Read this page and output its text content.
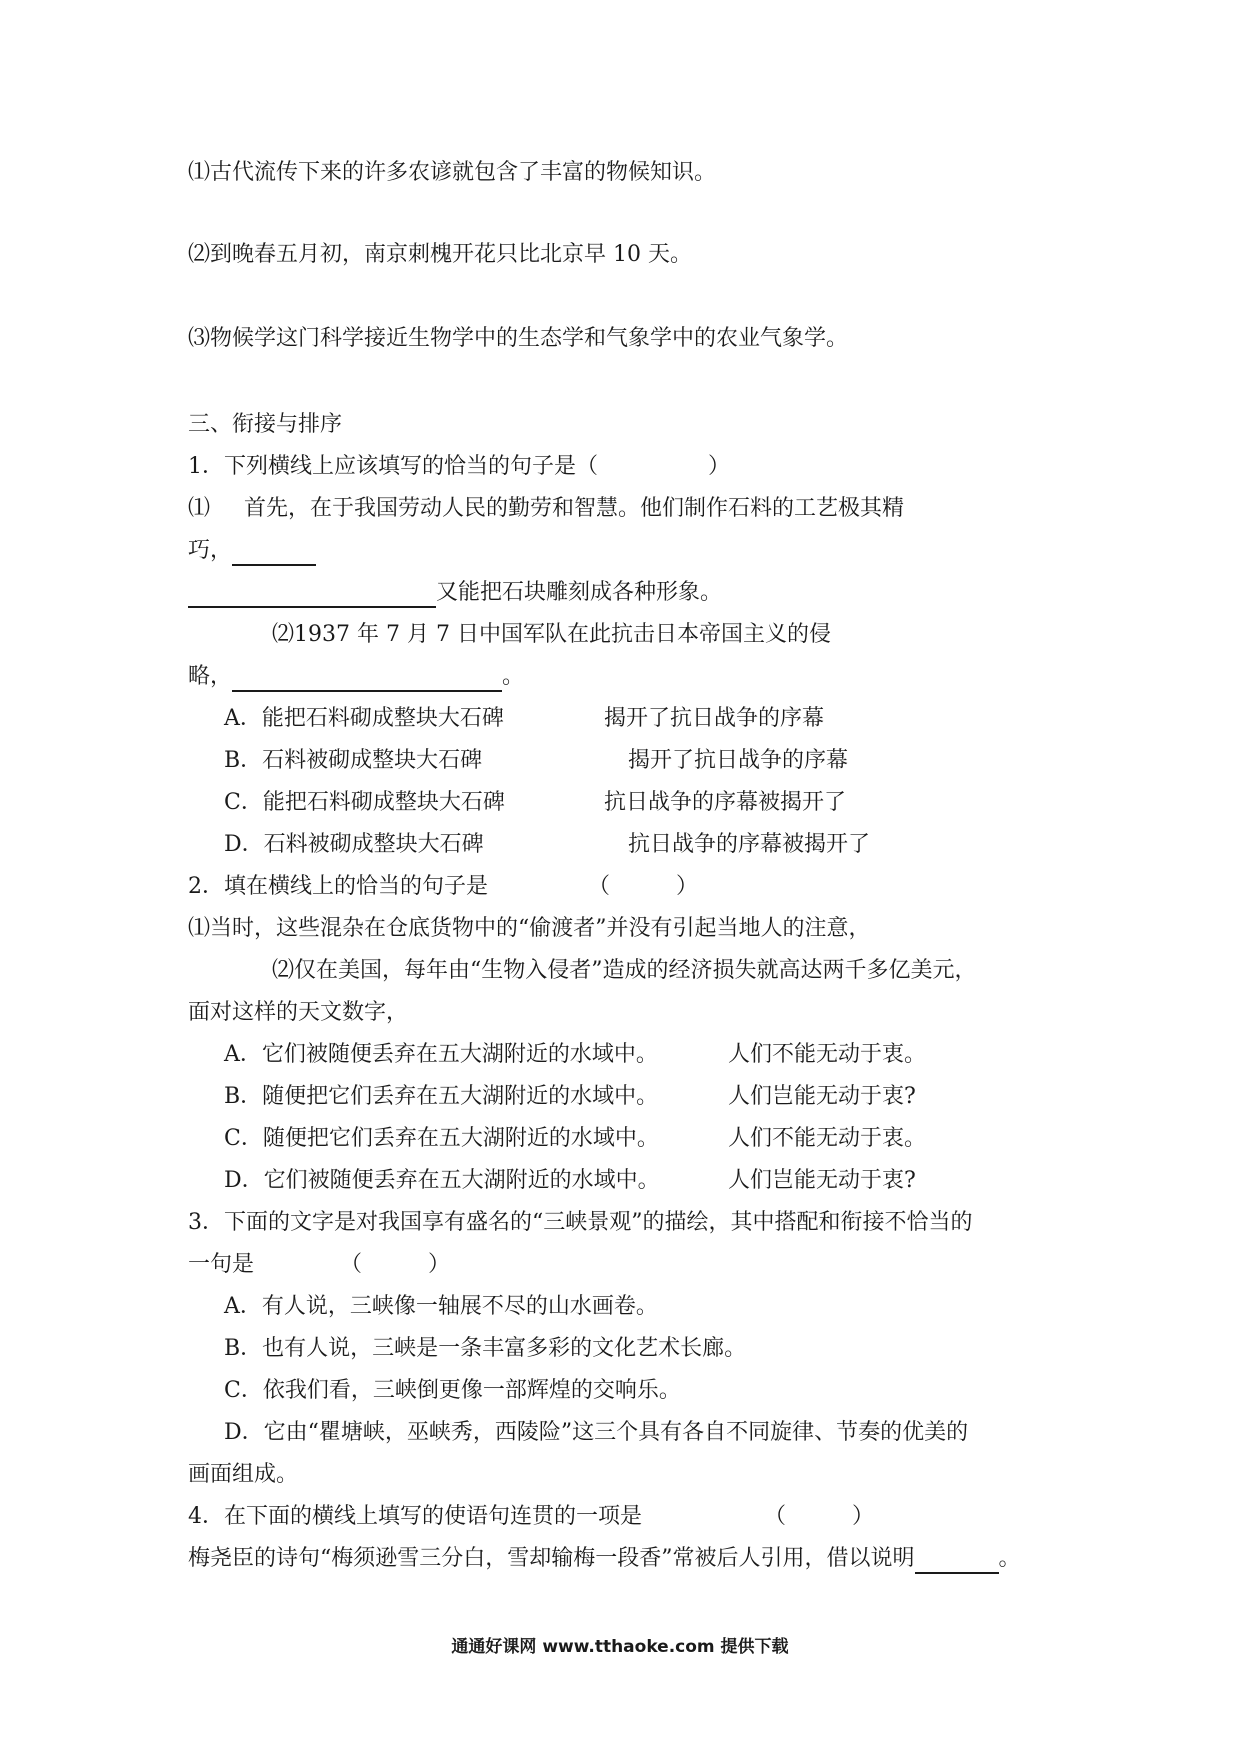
⑴古代流传下来的许多农谚就包含了丰富的物候知识。
⑵到晚春五月初，南京刺槐开花只比北京早 10 天。
⑶物候学这门科学接近生物学中的生态学和气象学中的农业气象学。
三、衔接与排序
1．下列横线上应该填写的恰当的句子是（　　　　　）
⑴ 首先，在于我国劳动人民的勤劳和智慧。他们制作石料的工艺极其精
巧，
又能把石块雕刻成各种形象。
⑵1937 年 7 月 7 日中国军队在此抗击日本帝国主义的侵
略，	。
A．能把石料砌成整块大石碑	揭开了抗日战争的序幕
B．石料被砌成整块大石碑	揭开了抗日战争的序幕
C．能把石料砌成整块大石碑	抗日战争的序幕被揭开了
D．石料被砌成整块大石碑	抗日战争的序幕被揭开了
2．填在横线上的恰当的句子是	（　　　）
⑴当时，这些混杂在仓底货物中的“偷渡者”并没有引起当地人的注意，
⑵仅在美国，每年由“生物入侵者”造成的经济损失就高达两千多亿美元，
面对这样的天文数字，
A．它们被随便丢弃在五大湖附近的水域中。	人们不能无动于衷。
B．随便把它们丢弃在五大湖附近的水域中。	人们岂能无动于衷?
C．随便把它们丢弃在五大湖附近的水域中。	人们不能无动于衷。
D．它们被随便丢弃在五大湖附近的水域中。	人们岂能无动于衷?
3．下面的文字是对我国享有盛名的“三峡景观”的描绘，其中搭配和衔接不恰当的
一句是	（　　　）
A．有人说，三峡像一轴展不尽的山水画卷。
B．也有人说，三峡是一条丰富多彩的文化艺术长廊。
C．依我们看，三峡倒更像一部辉煌的交响乐。
D．它由“瞿塘峡，巫峡秀，西陵险”这三个具有各自不同旋律、节奏的优美的
画面组成。
4．在下面的横线上填写的使语句连贯的一项是	（　　　）
梅尧臣的诗句“梅须逊雪三分白，雪却输梅一段香”常被后人引用，借以说明	。
通通好课网 www.tthaoke.com 提供下载
